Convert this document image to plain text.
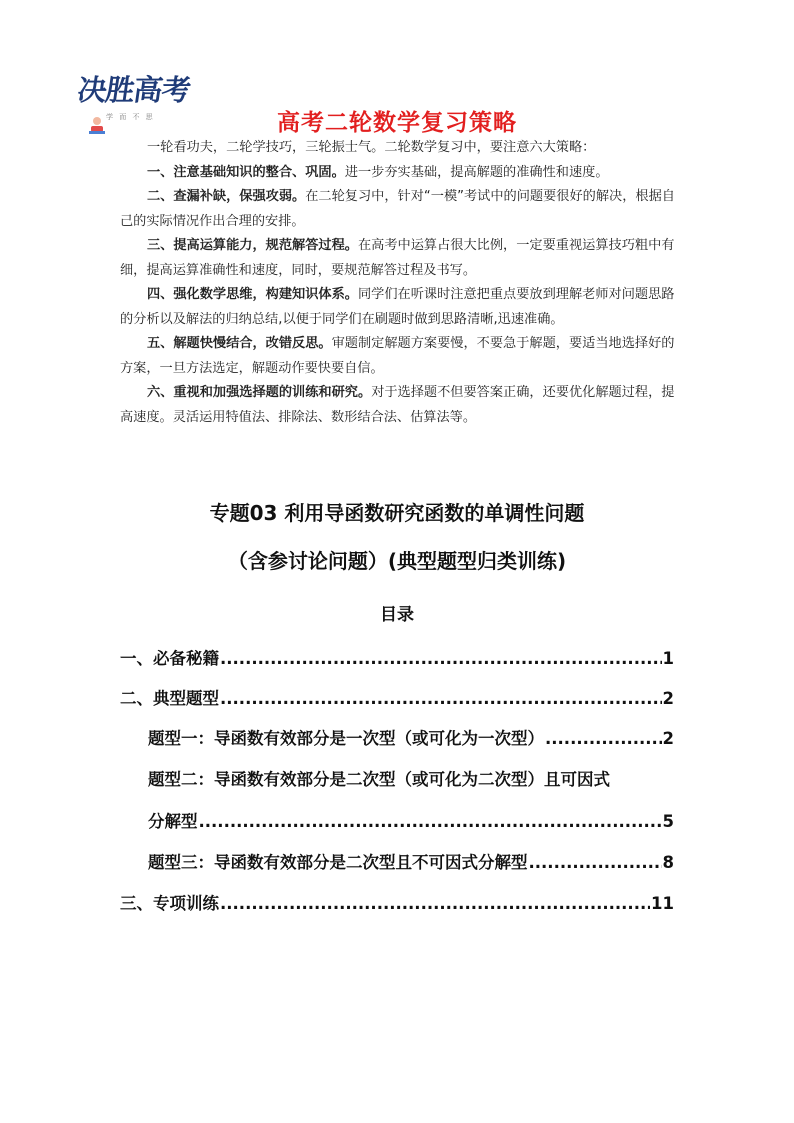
决胜高考
学 而 不 思	高考二轮数学复习策略

一轮看功夫，二轮学技巧，三轮振士气。二轮数学复习中，要注意六大策略：

一、注意基础知识的整合、巩固。进一步夯实基础，提高解题的准确性和速度。

二、查漏补缺，保强攻弱。在二轮复习中，针对“一模”考试中的问题要很好的解决，根据自己的实际情况作出合理的安排。

三、提高运算能力，规范解答过程。在高考中运算占很大比例，一定要重视运算技巧粗中有细，提高运算准确性和速度，同时，要规范解答过程及书写。

四、强化数学思维，构建知识体系。同学们在听课时注意把重点要放到理解老师对问题思路的分析以及解法的归纳总结,以便于同学们在刷题时做到思路清晰,迅速准确。

五、解题快慢结合，改错反思。审题制定解题方案要慢，不要急于解题，要适当地选择好的方案，一旦方法选定，解题动作要快要自信。

六、重视和加强选择题的训练和研究。对于选择题不但要答案正确，还要优化解题过程，提高速度。灵活运用特值法、排除法、数形结合法、估算法等。

专题03 利用导函数研究函数的单调性问题
（含参讨论问题）(典型题型归类训练)
目录
一、必备秘籍 .....	1
二、典型题型 .....	2
题型一：导函数有效部分是一次型（或可化为一次型） .....	2
题型二：导函数有效部分是二次型（或可化为二次型）且可因式
分解型 .....	5
题型三：导函数有效部分是二次型且不可因式分解型 .....	8
三、专项训练 .....	11
